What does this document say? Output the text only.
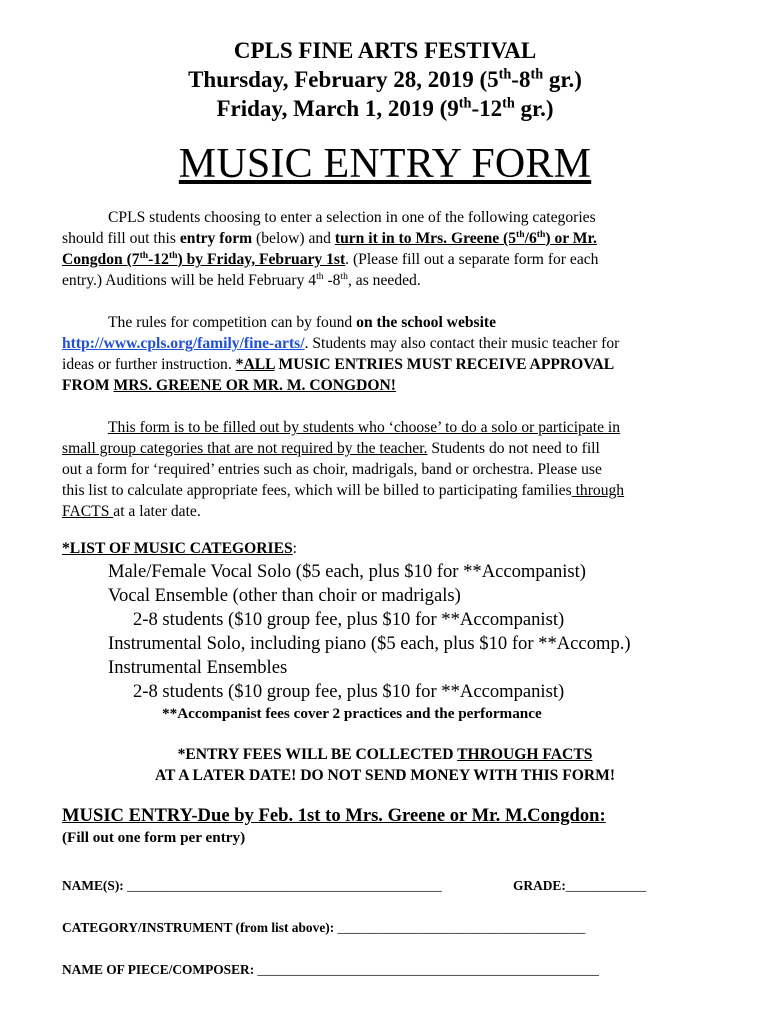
CPLS FINE ARTS FESTIVAL
Thursday, February 28, 2019 (5th-8th gr.)
Friday, March 1, 2019 (9th-12th gr.)
MUSIC ENTRY FORM
CPLS students choosing to enter a selection in one of the following categories
should fill out this entry form (below) and turn it in to Mrs. Greene (5th/6th) or Mr.
Congdon (7th-12th) by Friday, February 1st. (Please fill out a separate form for each
entry.) Auditions will be held February 4th -8th, as needed.
The rules for competition can by found on the school website
http://www.cpls.org/family/fine-arts/. Students may also contact their music teacher for
ideas or further instruction. *ALL MUSIC ENTRIES MUST RECEIVE APPROVAL
FROM MRS. GREENE OR MR. M. CONGDON!
This form is to be filled out by students who ‘choose’ to do a solo or participate in
small group categories that are not required by the teacher. Students do not need to fill
out a form for ‘required’ entries such as choir, madrigals, band or orchestra. Please use
this list to calculate appropriate fees, which will be billed to participating families through
FACTS at a later date.
*LIST OF MUSIC CATEGORIES:
Male/Female Vocal Solo ($5 each, plus $10 for **Accompanist)
Vocal Ensemble (other than choir or madrigals)
2-8 students ($10 group fee, plus $10 for **Accompanist)
Instrumental Solo, including piano ($5 each, plus $10 for **Accomp.)
Instrumental Ensembles
2-8 students ($10 group fee, plus $10 for **Accompanist)
**Accompanist fees cover 2 practices and the performance
*ENTRY FEES WILL BE COLLECTED THROUGH FACTS
AT A LATER DATE! DO NOT SEND MONEY WITH THIS FORM!
MUSIC ENTRY-Due by Feb. 1st to Mrs. Greene or Mr. M.Congdon:
(Fill out one form per entry)
NAME(S): _______________________________________________	GRADE:____________
CATEGORY/INSTRUMENT (from list above): _____________________________________
NAME OF PIECE/COMPOSER: ___________________________________________________
